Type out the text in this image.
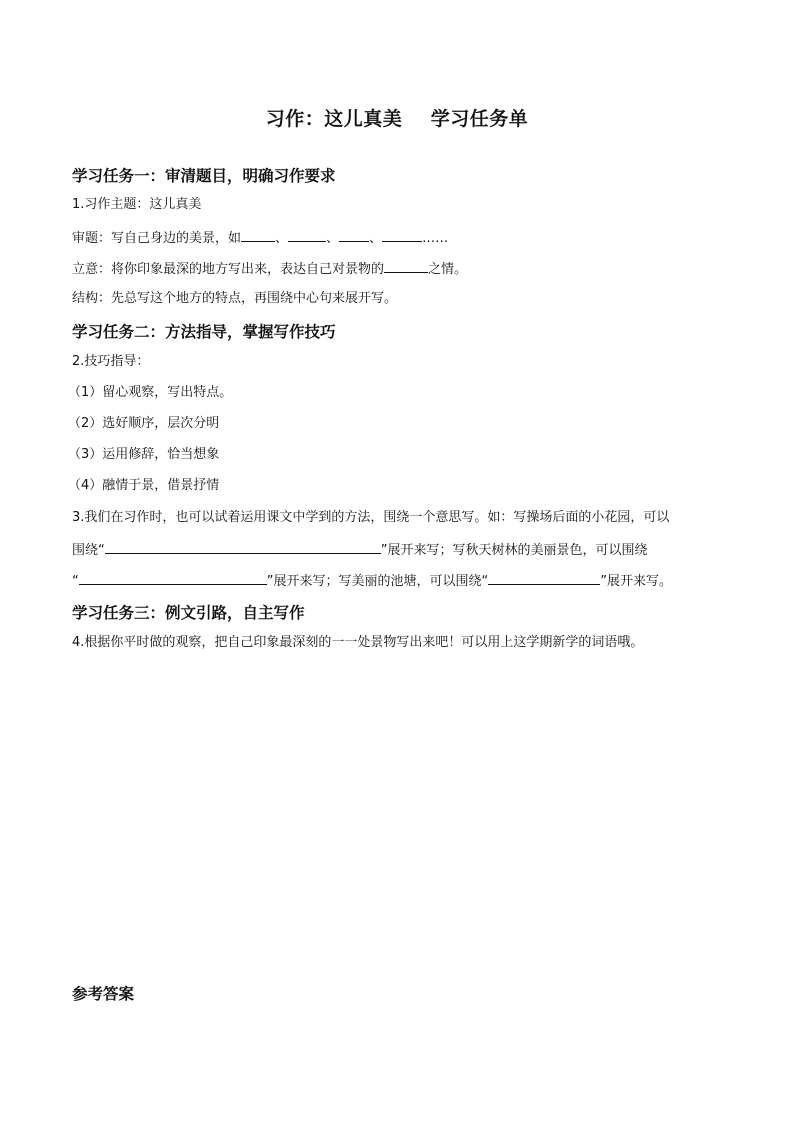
习作：这儿真美    学习任务单
学习任务一：审清题目，明确习作要求
1.习作主题：这儿真美
审题：写自己身边的美景，如	、	、 、	……
立意：将你印象最深的地方写出来，表达自己对景物的	之情。
结构：先总写这个地方的特点，再围绕中心句来展开写。
学习任务二：方法指导，掌握写作技巧
2.技巧指导：
（1）留心观察，写出特点。
（2）选好顺序，层次分明
（3）运用修辞，恰当想象
（4）融情于景，借景抒情
3.我们在习作时，也可以试着运用课文中学到的方法，围绕一个意思写。如：写操场后面的小花园，可以
围绕“	”展开来写；写秋天树林的美丽景色，可以围绕
“	”展开来写；写美丽的池塘，可以围绕“	”展开来写。
学习任务三：例文引路，自主写作
4.根据你平时做的观察，把自己印象最深刻的一一处景物写出来吧！可以用上这学期新学的词语哦。
参考答案
